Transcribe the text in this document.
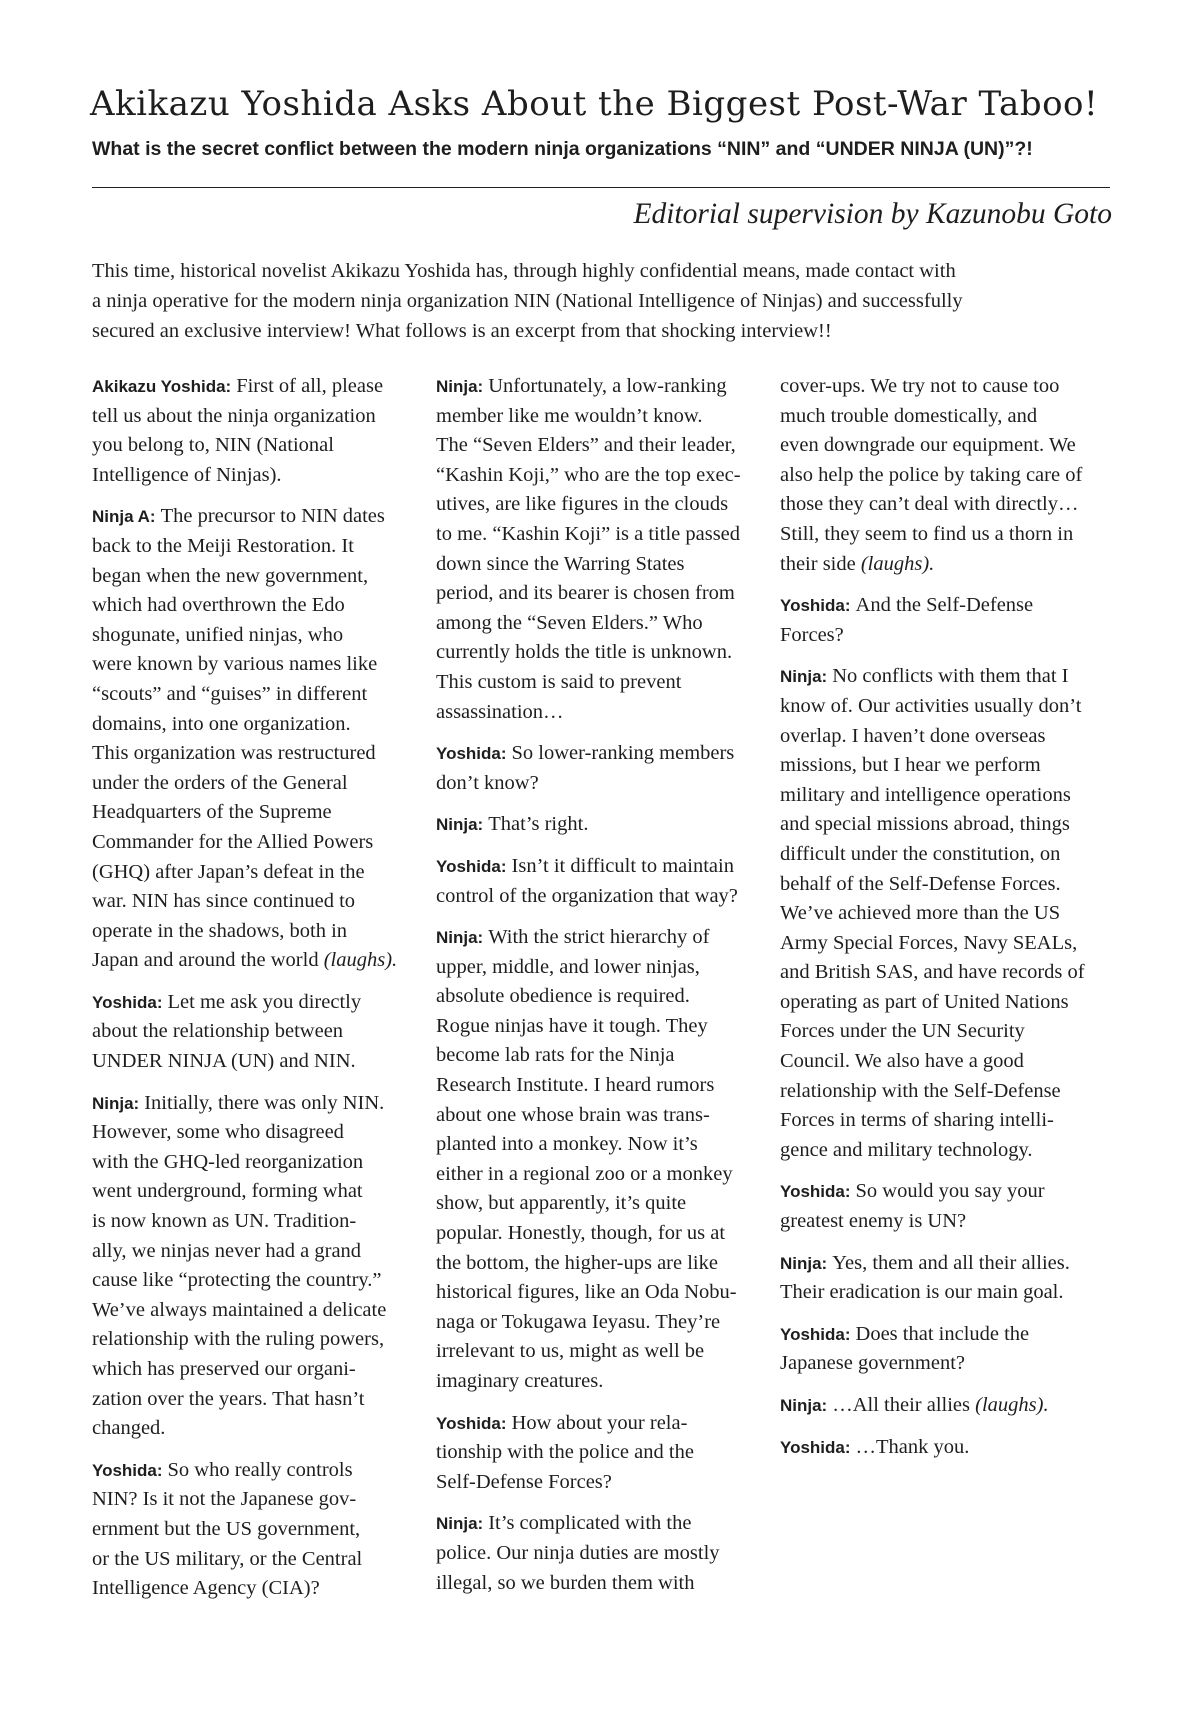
Akikazu Yoshida Asks About the Biggest Post-War Taboo!
What is the secret conflict between the modern ninja organizations “NIN” and “UNDER NINJA (UN)”?!
Editorial supervision by Kazunobu Goto

This time, historical novelist Akikazu Yoshida has, through highly confidential means, made contact with

a ninja operative for the modern ninja organization NIN (National Intelligence of Ninjas) and successfully

secured an exclusive interview! What follows is an excerpt from that shocking interview!!

Akikazu Yoshida: First of all, please
tell us about the ninja organization
you belong to, NIN (National
Intelligence of Ninjas).
Ninja A: The precursor to NIN dates
back to the Meiji Restoration. It
began when the new government,
which had overthrown the Edo
shogunate, unified ninjas, who
were known by various names like
“scouts” and “guises” in different
domains, into one organization.
This organization was restructured
under the orders of the General
Headquarters of the Supreme
Commander for the Allied Powers
(GHQ) after Japan’s defeat in the
war. NIN has since continued to
operate in the shadows, both in
Japan and around the world (laughs).
Yoshida: Let me ask you directly
about the relationship between
UNDER NINJA (UN) and NIN.
Ninja: Initially, there was only NIN.
However, some who disagreed
with the GHQ-led reorganization
went underground, forming what
is now known as UN. Tradition-
ally, we ninjas never had a grand
cause like “protecting the country.”
We’ve always maintained a delicate
relationship with the ruling powers,
which has preserved our organi-
zation over the years. That hasn’t
changed.
Yoshida: So who really controls
NIN? Is it not the Japanese gov-
ernment but the US government,
or the US military, or the Central
Intelligence Agency (CIA)?
Ninja: Unfortunately, a low-ranking
member like me wouldn’t know.
The “Seven Elders” and their leader,
“Kashin Koji,” who are the top exec-
utives, are like figures in the clouds
to me. “Kashin Koji” is a title passed
down since the Warring States
period, and its bearer is chosen from
among the “Seven Elders.” Who
currently holds the title is unknown.
This custom is said to prevent
assassination…
Yoshida: So lower-ranking members
don’t know?
Ninja: That’s right.
Yoshida: Isn’t it difficult to maintain
control of the organization that way?
Ninja: With the strict hierarchy of
upper, middle, and lower ninjas,
absolute obedience is required.
Rogue ninjas have it tough. They
become lab rats for the Ninja
Research Institute. I heard rumors
about one whose brain was trans-
planted into a monkey. Now it’s
either in a regional zoo or a monkey
show, but apparently, it’s quite
popular. Honestly, though, for us at
the bottom, the higher-ups are like
historical figures, like an Oda Nobu-
naga or Tokugawa Ieyasu. They’re
irrelevant to us, might as well be
imaginary creatures.
Yoshida: How about your rela-
tionship with the police and the
Self-Defense Forces?
Ninja: It’s complicated with the
police. Our ninja duties are mostly
illegal, so we burden them with
cover-ups. We try not to cause too
much trouble domestically, and
even downgrade our equipment. We
also help the police by taking care of
those they can’t deal with directly…
Still, they seem to find us a thorn in
their side (laughs).
Yoshida: And the Self-Defense
Forces?
Ninja: No conflicts with them that I
know of. Our activities usually don’t
overlap. I haven’t done overseas
missions, but I hear we perform
military and intelligence operations
and special missions abroad, things
difficult under the constitution, on
behalf of the Self-Defense Forces.
We’ve achieved more than the US
Army Special Forces, Navy SEALs,
and British SAS, and have records of
operating as part of United Nations
Forces under the UN Security
Council. We also have a good
relationship with the Self-Defense
Forces in terms of sharing intelli-
gence and military technology.
Yoshida: So would you say your
greatest enemy is UN?
Ninja: Yes, them and all their allies.
Their eradication is our main goal.
Yoshida: Does that include the
Japanese government?
Ninja: …All their allies (laughs).
Yoshida: …Thank you.
